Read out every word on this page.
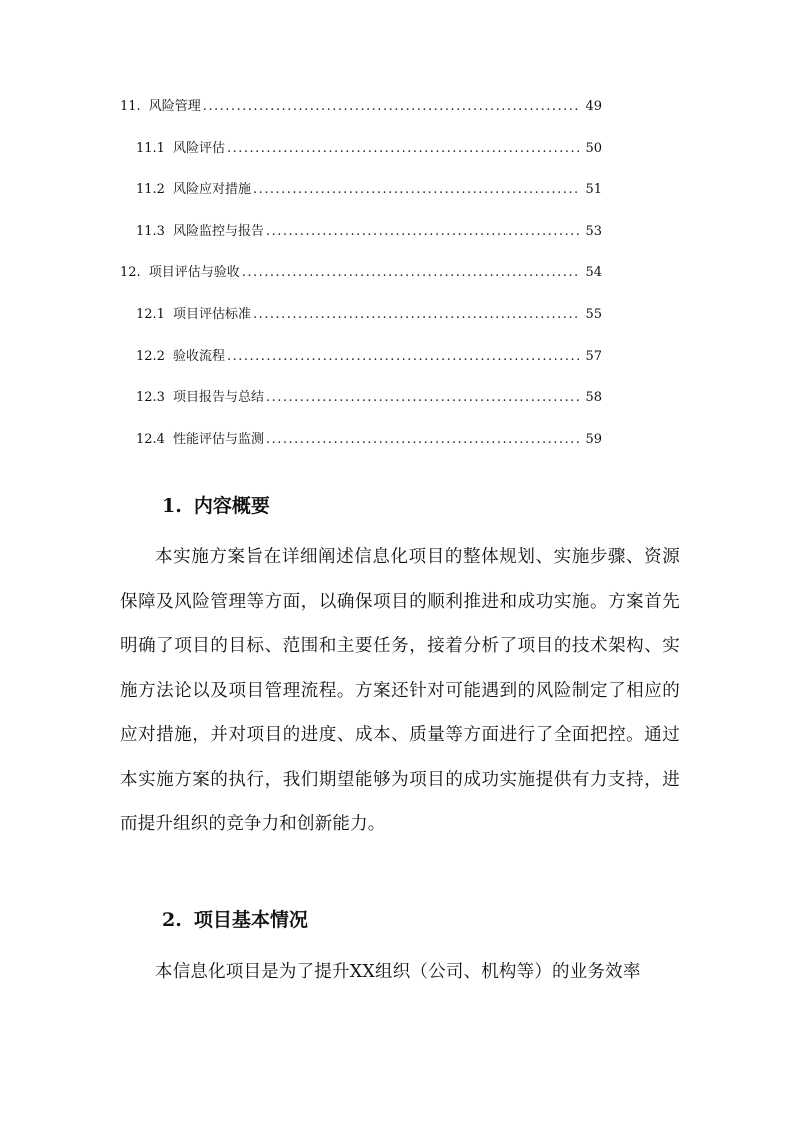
11. 风险管理 .....	49
11.1 风险评估 .....	50
11.2 风险应对措施 .....	51
11.3 风险监控与报告 .....	53
12. 项目评估与验收 .....	54
12.1 项目评估标准 .....	55
12.2 验收流程 .....	57
12.3 项目报告与总结 .....	58
12.4 性能评估与监测 .....	59
1. 内容概要

本实施方案旨在详细阐述信息化项目的整体规划、实施步骤、资源保障及风险管理等方面，以确保项目的顺利推进和成功实施。方案首先明确了项目的目标、范围和主要任务，接着分析了项目的技术架构、实施方法论以及项目管理流程。方案还针对可能遇到的风险制定了相应的应对措施，并对项目的进度、成本、质量等方面进行了全面把控。通过本实施方案的执行，我们期望能够为项目的成功实施提供有力支持，进而提升组织的竞争力和创新能力。

2. 项目基本情况

本信息化项目是为了提升XX组织（公司、机构等）的业务效率
